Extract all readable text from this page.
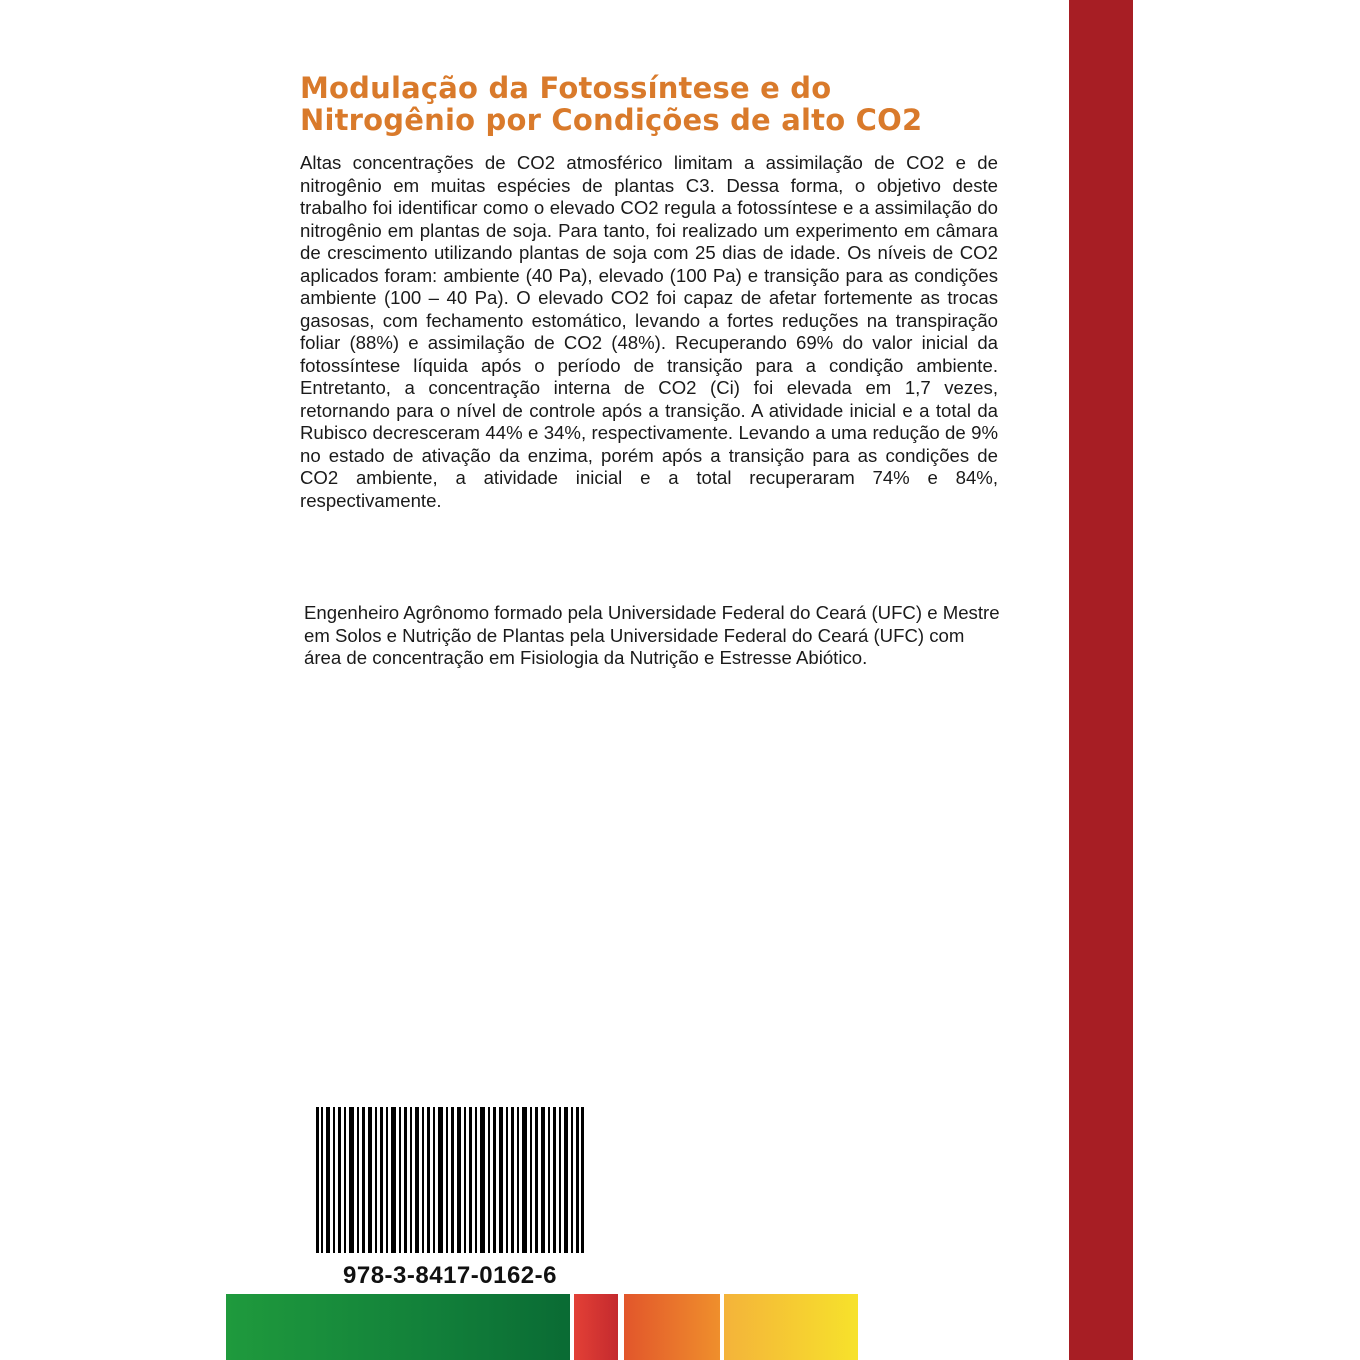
Modulação da Fotossíntese e do
Nitrogênio por Condições de alto CO2

Altas concentrações de CO2 atmosférico limitam a assimilação de CO2 e de nitrogênio em muitas espécies de plantas C3. Dessa forma, o objetivo deste trabalho foi identificar como o elevado CO2 regula a fotossíntese e a assimilação do nitrogênio em plantas de soja. Para tanto, foi realizado um experimento em câmara de crescimento utilizando plantas de soja com 25 dias de idade. Os níveis de CO2 aplicados foram: ambiente (40 Pa), elevado (100 Pa) e transição para as condições ambiente (100 – 40 Pa). O elevado CO2 foi capaz de afetar fortemente as trocas gasosas, com fechamento estomático, levando a fortes reduções na transpiração foliar (88%) e assimilação de CO2 (48%). Recuperando 69% do valor inicial da fotossíntese líquida após o período de transição para a condição ambiente. Entretanto, a concentração interna de CO2 (Ci) foi elevada em 1,7 vezes, retornando para o nível de controle após a transição. A atividade inicial e a total da Rubisco decresceram 44% e 34%, respectivamente. Levando a uma redução de 9% no estado de ativação da enzima, porém após a transição para as condições de CO2 ambiente, a atividade inicial e a total recuperaram 74% e 84%, respectivamente.

Engenheiro Agrônomo formado pela Universidade Federal do Ceará (UFC) e Mestre em Solos e Nutrição de Plantas pela Universidade Federal do Ceará (UFC) com área de concentração em Fisiologia da Nutrição e Estresse Abiótico.

978-3-8417-0162-6
